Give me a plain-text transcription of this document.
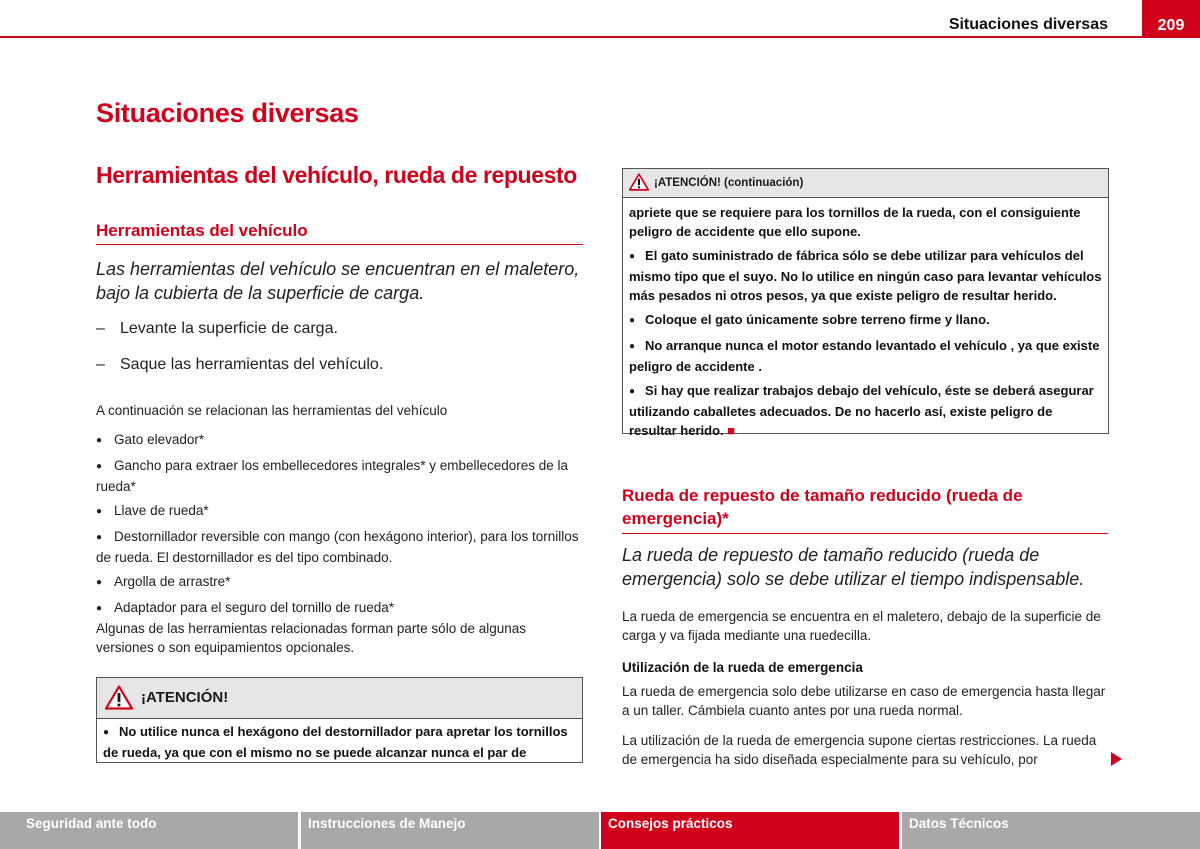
Situaciones diversas	209
Situaciones diversas
Herramientas del vehículo, rueda de repuesto
Herramientas del vehículo
Las herramientas del vehículo se encuentran en el maletero, bajo la cubierta de la superficie de carga.
– Levante la superficie de carga.
– Saque las herramientas del vehículo.
A continuación se relacionan las herramientas del vehículo
● Gato elevador*
● Gancho para extraer los embellecedores integrales* y embellecedores de la rueda*
● Llave de rueda*
● Destornillador reversible con mango (con hexágono interior), para los tornillos de rueda. El destornillador es del tipo combinado.
● Argolla de arrastre*
● Adaptador para el seguro del tornillo de rueda*
Algunas de las herramientas relacionadas forman parte sólo de algunas versiones o son equipamientos opcionales.
¡ATENCIÓN!
● No utilice nunca el hexágono del destornillador para apretar los tornillos de rueda, ya que con el mismo no se puede alcanzar nunca el par de
¡ATENCIÓN! (continuación)
apriete que se requiere para los tornillos de la rueda, con el consiguiente peligro de accidente que ello supone.
● El gato suministrado de fábrica sólo se debe utilizar para vehículos del mismo tipo que el suyo. No lo utilice en ningún caso para levantar vehículos más pesados ni otros pesos, ya que existe peligro de resultar herido.
● Coloque el gato únicamente sobre terreno firme y llano.
● No arranque nunca el motor estando levantado el vehículo , ya que existe peligro de accidente .
● Si hay que realizar trabajos debajo del vehículo, éste se deberá asegurar utilizando caballetes adecuados. De no hacerlo así, existe peligro de resultar herido. ■
Rueda de repuesto de tamaño reducido (rueda de emergencia)*
La rueda de repuesto de tamaño reducido (rueda de emergencia) solo se debe utilizar el tiempo indispensable.
La rueda de emergencia se encuentra en el maletero, debajo de la superficie de carga y va fijada mediante una ruedecilla.
Utilización de la rueda de emergencia
La rueda de emergencia solo debe utilizarse en caso de emergencia hasta llegar a un taller. Cámbiela cuanto antes por una rueda normal.
La utilización de la rueda de emergencia supone ciertas restricciones. La rueda de emergencia ha sido diseñada especialmente para su vehículo, por
Seguridad ante todo	Instrucciones de Manejo	Consejos prácticos	Datos Técnicos
